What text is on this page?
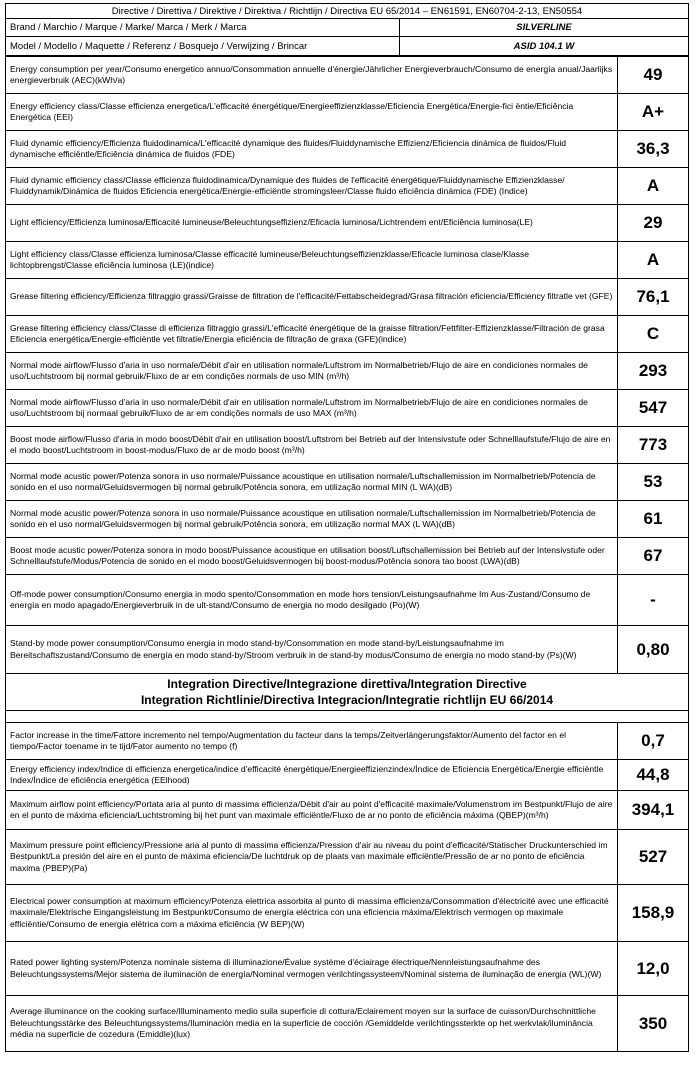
Directive / Direttiva / Direktive / Direktiva / Richtlijn / Directiva EU 65/2014 – EN61591, EN60704-2-13, EN50554	
Brand / Marchio / Marque / Marke/ Marca / Merk / Marca	SILVERLINE
Model / Modello / Maquette / Referenz / Bosquejo / Verwijzing / Brincar	ASID 104.1 W
Energy consumption per year/Consumo energetico annuo/Consommation annuelle d'énergie/Jährlicher Energieverbrauch/Consumo de energía anual/Jaarlijks energieverbruik (AEC)(kWh/a)	49
Energy efficiency class/Classe efficienza energetica/L'efficacité énergétique/Energieeffizienzklasse/Eficiencia Energética/Energie-fici ëntie/Eficiência Energética (EEI)	A+
Fluid dynamic efficiency/Efficienza fluidodinamica/L'efficacité dynamique des fluides/Fluiddynamische Effizienz/Eficiencia dinámica de fluidos/Fluid dynamische efficiëntle/Eficiência dinámica de fluidos (FDE)	36,3
Fluid dynamic efficiency class/Classe efficienza fluidodinamica/Dynamique des fluides de l'efficacité énergétique/Fluiddynamische Effizienzklasse/ Fluiddynamik/Dinámica de fluidos Eficiencia energética/Energie-efficiëntle stromingsleer/Classe fluido eficiência dinámica (FDE) (Indice)	A
Light efficiency/Efficienza luminosa/Efficacité lumineuse/Beleuchtungseffizienz/Eficacla luminosa/Lichtrendem ent/Eficiência luminosa(LE)	29
Light efficiency class/Classe efficienza luminosa/Classe efficacité lumineuse/Beleuchtungseffizienzklasse/Eficacle luminosa clase/Klasse lichtopbrengst/Classe eficiência luminosa (LE)(indice)	A
Grease filtering efficiency/Efficienza filtraggio grassi/Graisse de filtration de l'efficacité/Fettabscheidegrad/Grasa filtración eficiencia/Efficiency filtratle vet (GFE)	76,1
Grease filtering efficiency class/Classe di efficienza filtraggio grassi/L'efficacité énergétique de la graisse filtration/Fettfilter-Effizienzklasse/Filtración de grasa Eficiencia energética/Energie-efficiëntle vet filtratie/Energia eficiência de filtração de graxa (GFE)(indice)	C
Normal mode airflow/Flusso d'aria in uso normale/Débit d'air en utilisation normale/Luftstrom im Normalbetrieb/Flujo de aire en condiciones normales de uso/Luchtstroom bij normal gebruik/Fluxo de ar em condições normals de uso MIN (m³/h)	293
Normal mode airflow/Flusso d'aria in uso normale/Débit d'air en utilisation normale/Luftstrom im Normalbetrieb/Flujo de aire en condiciones normales de uso/Luchtstroom bij normaal gebruik/Fluxo de ar em condições normals de uso MAX (m³/h)	547
Boost mode airflow/Flusso d'aria in modo boost/Débit d'air en utilisation boost/Luftstrom bei Betrieb auf der Intensivstufe oder Schnelllaufstufe/Flujo de aire en el modo boost/Luchtstroom in boost-modus/Fluxo de ar de modo boost (m³/h)	773
Normal mode acustic power/Potenza sonora in uso normale/Puissance acoustique en utilisation normale/Luftschallemission im Normalbetrieb/Potencia de sonido en el uso normal/Geluidsvermogen bij normal gebruik/Potência sonora, em utilização normal MIN (L WA)(dB)	53
Normal mode acustic power/Potenza sonora in uso normale/Puissance acoustique en utilisation normale/Luftschallemission im Normalbetrieb/Potencia de sonido en el uso normal/Geluidsvermogen bij normal gebruik/Potência sonora, em utilização normal MAX (L WA)(dB)	61
Boost mode acustic power/Potenza sonora in modo boost/Puissance acoustique en utilisation boost/Luftschallemission bei Betrieb auf der Intensivstufe oder Schnelllaufstufe/Modus/Potencia de sonido en el modo boost/Geluidsvermogen bij boost-modus/Potência sonora tao boost (LWA)(dB)	67
Off-mode power consumption/Consumo energia in modo spento/Consommation en mode hors tension/Leistungsaufnahme Im Aus-Zustand/Consumo de energía en modo apagado/Energieverbruik in de ult-stand/Consumo de energia no modo desilgado (Po)(W)	-
Stand-by mode power consumption/Consumo energia in modo stand-by/Consommation en mode stand-by/Leistungsaufnahme im Bereitschaftszustand/Consumo de energía en modo stand-by/Stroom verbruik in de stand-by modus/Consumo de energia no modo stand-by (Ps)(W)	0,80

Integration Directive/Integrazione direttiva/Integration Directive
Integration Richtlinie/Directiva Integracion/Integratie richtlijn EU 66/2014	

Factor increase in the time/Fattore incremento nel tempo/Augmentation du facteur dans la temps/Zeitverlängerungsfaktor/Aumento del factor en el tiempo/Factor toename in te tijd/Fator aumento no tempo (f)	0,7
Energy efficiency index/Indice di efficienza energetica/indice d'efficacité énergétique/Energieeffizienzindex/Índice de Eficiencia Energética/Energie efficiëntle Index/Índice de eficiência energética (EElhood)	44,8
Maximum airflow point efficiency/Portata aria al punto di massima efficienza/Débit d'air au point d'efficacité maximale/Volumenstrom im Bestpunkt/Flujo de aire en el punto de máxima eficiencia/Luchtstroming bij het punt van maximale efficiëntle/Fluxo de ar no ponto de eficiência máxima (QBEP)(m³/h)	394,1
Maximum pressure point efficiency/Pressione aria al punto di massima efficienza/Pression d'air au niveau du point d'efficacité/Statischer Druckunterschied im Bestpunkt/La presión del aire en el punto de máxima eficiencia/De luchtdruk op de plaats van maximale efficiëntle/Pressão de ar no ponto de eficiência maxima (PBEP)(Pa)	527
Electrical power consumption at maximum efficiency/Potenza elettrica assorbita al punto di massima efficienza/Consommation d'électricité avec une efficacité maximale/Elektrische Eingangsleistung im Bestpunkt/Consumo de energía eléctrica con una eficiencia máxima/Elektrisch vermogen op maximale efficiëntie/Consumo de energia elétrica com a máxima eficiência (W BEP)(W)	158,9
Rated power lighting system/Potenza nominale sistema di illuminazione/Évalue système d'éciairage électrique/Nennleistungsaufnahme des Beleuchtungssystems/Mejor sistema de iluminación de energía/Nominal vermogen verilchtingssysteem/Nominal sistema de iluminação de energia (WL)(W)	12,0
Average illuminance on the cooking surface/Illuminamento medio suila superficie di cottura/Eclairement moyen sur la surface de cuisson/Durchschnittliche Beleuchtungsstärke des Beleuchtungssystems/Iluminación media en la superficie de cocción /Gemiddelde verilchtingssterkte op het werkvlak/iluminância média na superficie de cozedura (Emiddle)(lux)	350
